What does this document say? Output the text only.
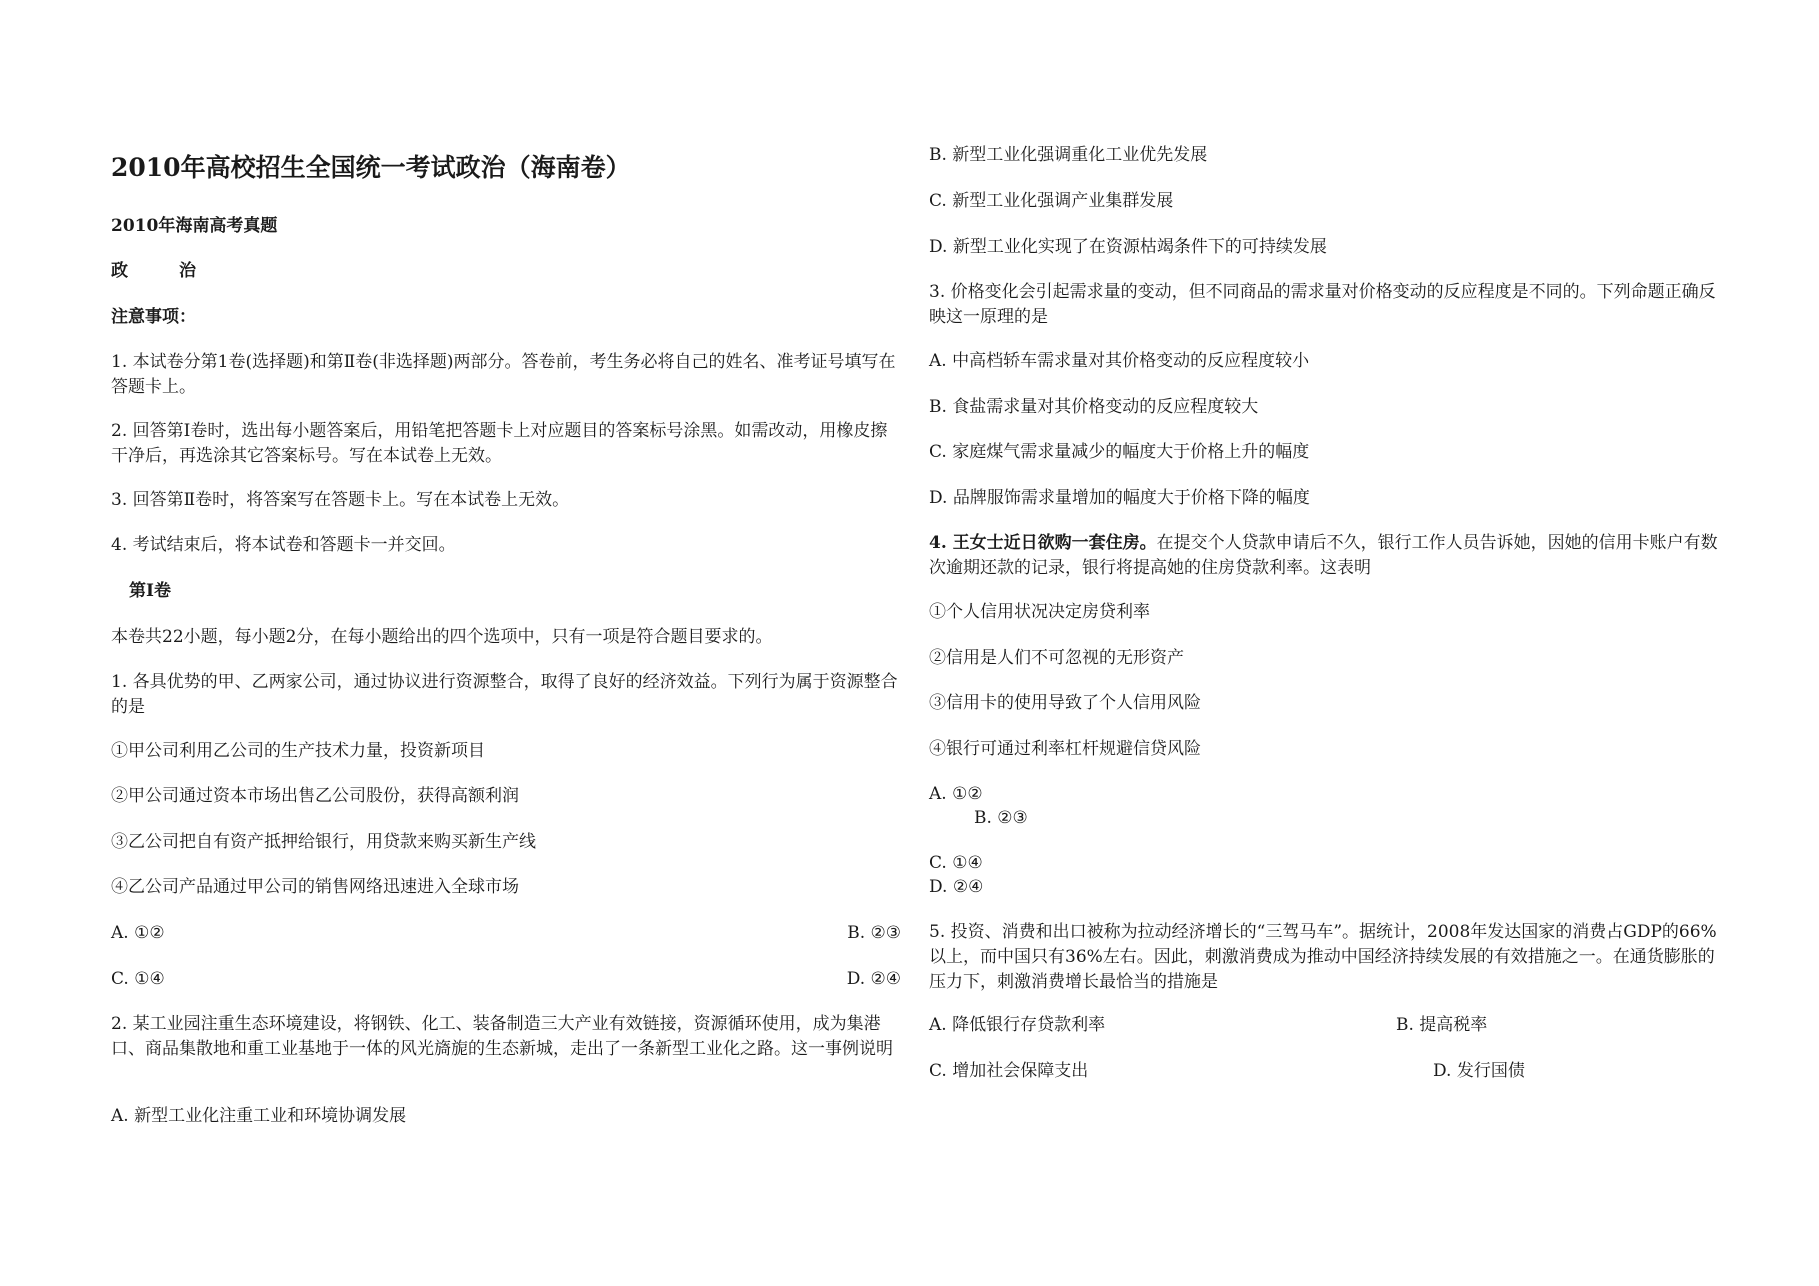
2010年高校招生全国统一考试政治（海南卷）
2010年海南高考真题
政　　　治
注意事项：
1. 本试卷分第1卷(选择题)和第Ⅱ卷(非选择题)两部分。答卷前，考生务必将自己的姓名、准考证号填写在答题卡上。
2. 回答第Ⅰ卷时，选出每小题答案后，用铅笔把答题卡上对应题目的答案标号涂黑。如需改动，用橡皮擦干净后，再选涂其它答案标号。写在本试卷上无效。
3. 回答第Ⅱ卷时，将答案写在答题卡上。写在本试卷上无效。
4. 考试结束后，将本试卷和答题卡一并交回。
第Ⅰ卷
本卷共22小题，每小题2分，在每小题给出的四个选项中，只有一项是符合题目要求的。
1. 各具优势的甲、乙两家公司，通过协议进行资源整合，取得了良好的经济效益。下列行为属于资源整合的是
①甲公司利用乙公司的生产技术力量，投资新项目
②甲公司通过资本市场出售乙公司股份，获得高额利润
③乙公司把自有资产抵押给银行，用贷款来购买新生产线
④乙公司产品通过甲公司的销售网络迅速进入全球市场
A. ①②	B. ②③
C. ①④	D. ②④
2. 某工业园注重生态环境建设，将钢铁、化工、装备制造三大产业有效链接，资源循环使用，成为集港口、商品集散地和重工业基地于一体的风光旖旎的生态新城，走出了一条新型工业化之路。这一事例说明
A. 新型工业化注重工业和环境协调发展
B. 新型工业化强调重化工业优先发展
C. 新型工业化强调产业集群发展
D. 新型工业化实现了在资源枯竭条件下的可持续发展
3. 价格变化会引起需求量的变动，但不同商品的需求量对价格变动的反应程度是不同的。下列命题正确反映这一原理的是
A. 中高档轿车需求量对其价格变动的反应程度较小
B. 食盐需求量对其价格变动的反应程度较大
C. 家庭煤气需求量减少的幅度大于价格上升的幅度
D. 品牌服饰需求量增加的幅度大于价格下降的幅度
4. 王女士近日欲购一套住房。在提交个人贷款申请后不久，银行工作人员告诉她，因她的信用卡账户有数次逾期还款的记录，银行将提高她的住房贷款利率。这表明
①个人信用状况决定房贷利率
②信用是人们不可忽视的无形资产
③信用卡的使用导致了个人信用风险
④银行可通过利率杠杆规避信贷风险
A. ①②
B. ②③
C. ①④
D. ②④
5. 投资、消费和出口被称为拉动经济增长的“三驾马车”。据统计，2008年发达国家的消费占GDP的66%以上，而中国只有36%左右。因此，刺激消费成为推动中国经济持续发展的有效措施之一。在通货膨胀的压力下，刺激消费增长最恰当的措施是
A. 降低银行存贷款利率	B. 提高税率
C. 增加社会保障支出	D. 发行国债
